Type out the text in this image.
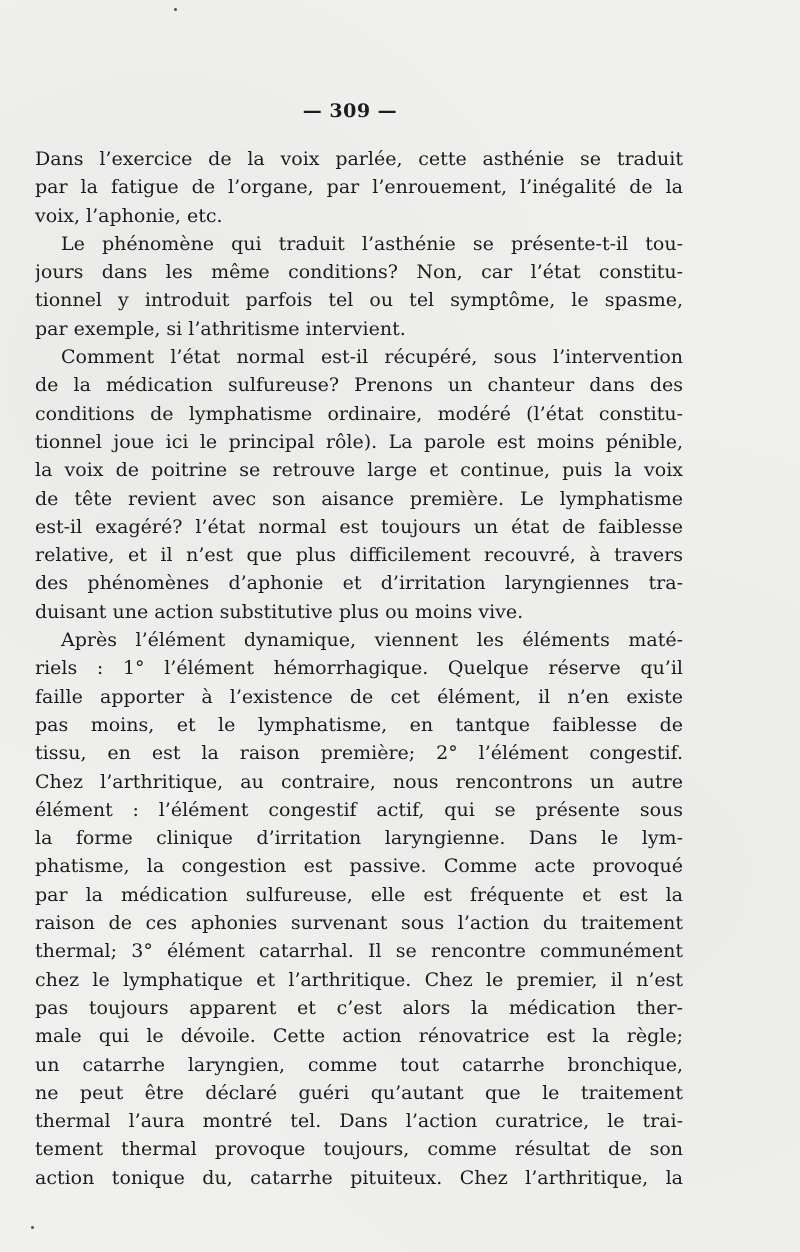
— 309 —
Dans l’exercice de la voix parlée, cette asthénie se traduit
par la fatigue de l’organe, par l’enrouement, l’inégalité de la
voix, l’aphonie, etc.
Le phénomène qui traduit l’asthénie se présente-t-il tou-
jours dans les même conditions? Non, car l’état constitu-
tionnel y introduit parfois tel ou tel symptôme, le spasme,
par exemple, si l’athritisme intervient.
Comment l’état normal est-il récupéré, sous l’intervention
de la médication sulfureuse? Prenons un chanteur dans des
conditions de lymphatisme ordinaire, modéré (l’état constitu-
tionnel joue ici le principal rôle). La parole est moins pénible,
la voix de poitrine se retrouve large et continue, puis la voix
de tête revient avec son aisance première. Le lymphatisme
est-il exagéré? l’état normal est toujours un état de faiblesse
relative, et il n’est que plus difficilement recouvré, à travers
des phénomènes d’aphonie et d’irritation laryngiennes tra-
duisant une action substitutive plus ou moins vive.
Après l’élément dynamique, viennent les éléments maté-
riels : 1° l’élément hémorrhagique. Quelque réserve qu’il
faille apporter à l’existence de cet élément, il n’en existe
pas moins, et le lymphatisme, en tantque faiblesse de
tissu, en est la raison première; 2° l’élément congestif.
Chez l’arthritique, au contraire, nous rencontrons un autre
élément : l’élément congestif actif, qui se présente sous
la forme clinique d’irritation laryngienne. Dans le lym-
phatisme, la congestion est passive. Comme acte provoqué
par la médication sulfureuse, elle est fréquente et est la
raison de ces aphonies survenant sous l’action du traitement
thermal; 3° élément catarrhal. Il se rencontre communément
chez le lymphatique et l’arthritique. Chez le premier, il n’est
pas toujours apparent et c’est alors la médication ther-
male qui le dévoile. Cette action rénovatrice est la règle;
un catarrhe laryngien, comme tout catarrhe bronchique,
ne peut être déclaré guéri qu’autant que le traitement
thermal l’aura montré tel. Dans l’action curatrice, le trai-
tement thermal provoque toujours, comme résultat de son
action tonique du, catarrhe pituiteux. Chez l’arthritique, la
